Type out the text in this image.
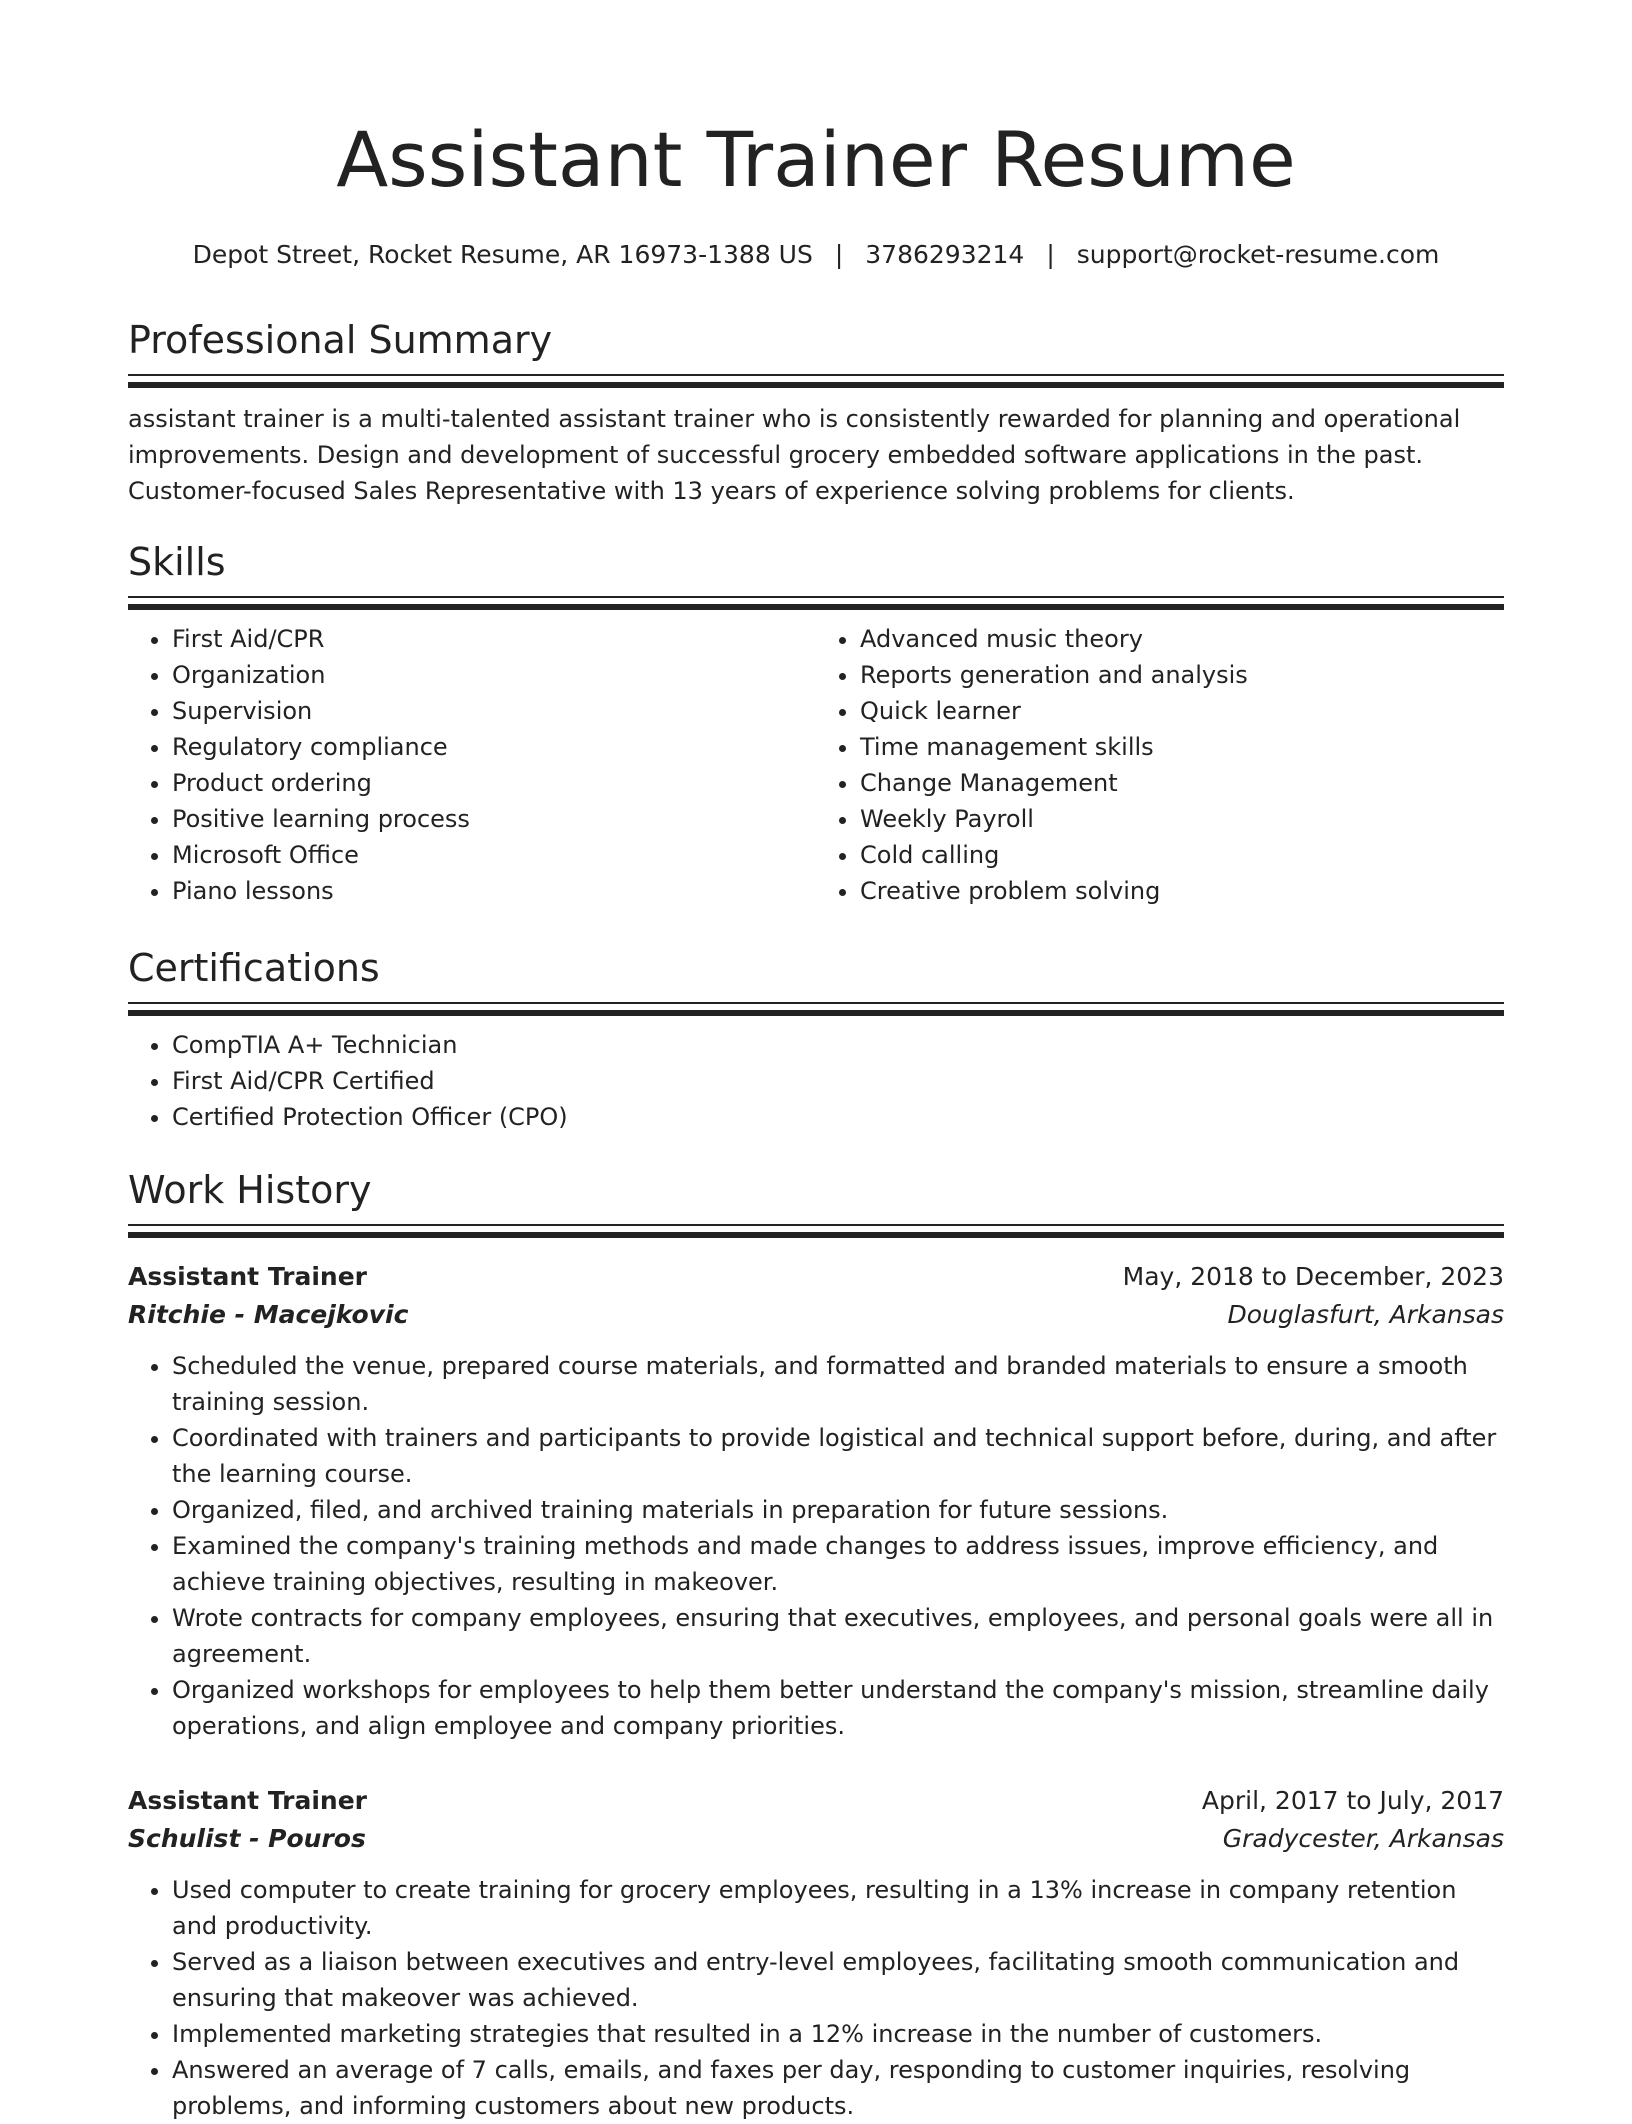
Assistant Trainer Resume
Depot Street, Rocket Resume, AR 16973-1388 US | 3786293214 | support@rocket-resume.com
Professional Summary
assistant trainer is a multi-talented assistant trainer who is consistently rewarded for planning and operational improvements. Design and development of successful grocery embedded software applications in the past. Customer-focused Sales Representative with 13 years of experience solving problems for clients.
Skills
• First Aid/CPR
• Organization
• Supervision
• Regulatory compliance
• Product ordering
• Positive learning process
• Microsoft Office
• Piano lessons
• Advanced music theory
• Reports generation and analysis
• Quick learner
• Time management skills
• Change Management
• Weekly Payroll
• Cold calling
• Creative problem solving
Certifications
• CompTIA A+ Technician
• First Aid/CPR Certified
• Certified Protection Officer (CPO)
Work History
Assistant Trainer	May, 2018 to December, 2023
Ritchie - Macejkovic	Douglasfurt, Arkansas
• Scheduled the venue, prepared course materials, and formatted and branded materials to ensure a smooth training session.
• Coordinated with trainers and participants to provide logistical and technical support before, during, and after the learning course.
• Organized, filed, and archived training materials in preparation for future sessions.
• Examined the company's training methods and made changes to address issues, improve efficiency, and achieve training objectives, resulting in makeover.
• Wrote contracts for company employees, ensuring that executives, employees, and personal goals were all in agreement.
• Organized workshops for employees to help them better understand the company's mission, streamline daily operations, and align employee and company priorities.
Assistant Trainer	April, 2017 to July, 2017
Schulist - Pouros	Gradycester, Arkansas
• Used computer to create training for grocery employees, resulting in a 13% increase in company retention and productivity.
• Served as a liaison between executives and entry-level employees, facilitating smooth communication and ensuring that makeover was achieved.
• Implemented marketing strategies that resulted in a 12% increase in the number of customers.
• Answered an average of 7 calls, emails, and faxes per day, responding to customer inquiries, resolving problems, and informing customers about new products.
